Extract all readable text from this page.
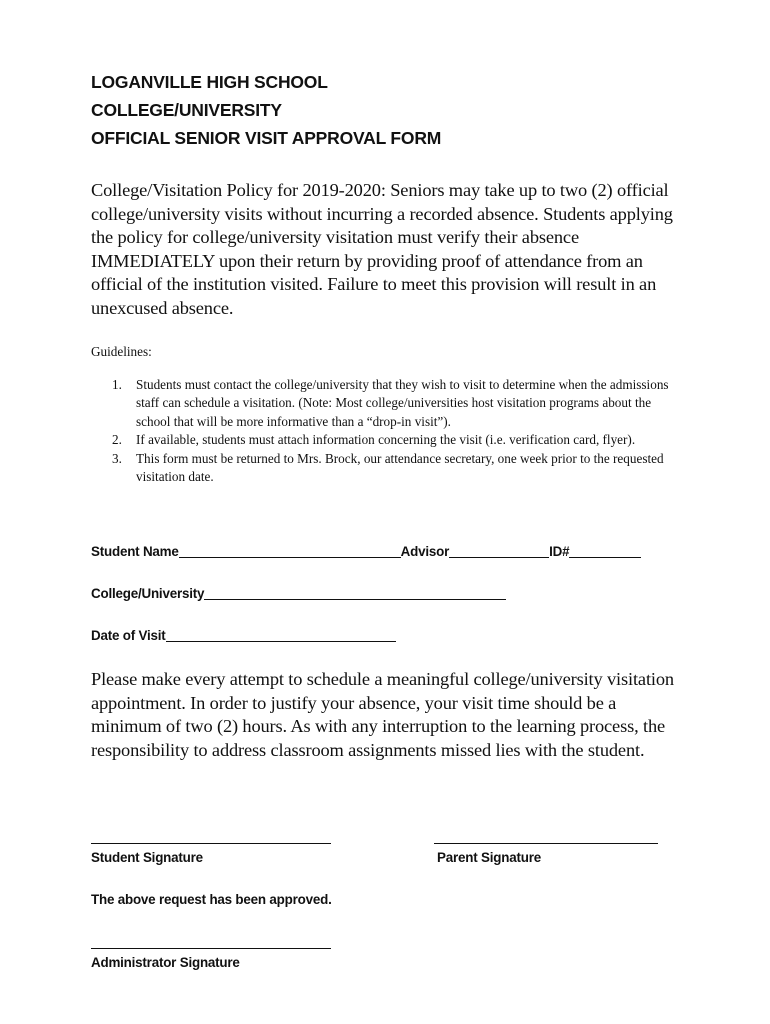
LOGANVILLE HIGH SCHOOL
COLLEGE/UNIVERSITY
OFFICIAL SENIOR VISIT APPROVAL FORM

College/Visitation Policy for 2019-2020: Seniors may take up to two (2) official college/university visits without incurring a recorded absence. Students applying the policy for college/university visitation must verify their absence IMMEDIATELY upon their return by providing proof of attendance from an official of the institution visited. Failure to meet this provision will result in an unexcused absence.

Guidelines:
1. Students must contact the college/university that they wish to visit to determine when the admissions staff can schedule a visitation. (Note: Most college/universities host visitation programs about the school that will be more informative than a “drop-in visit”).
2. If available, students must attach information concerning the visit (i.e. verification card, flyer).
3. This form must be returned to Mrs. Brock, our attendance secretary, one week prior to the requested visitation date.
Student Name	Advisor	ID#
College/University
Date of Visit

Please make every attempt to schedule a meaningful college/university visitation appointment. In order to justify your absence, your visit time should be a minimum of two (2) hours. As with any interruption to the learning process, the responsibility to address classroom assignments missed lies with the student.

Student Signature	Parent Signature
The above request has been approved.
Administrator Signature
